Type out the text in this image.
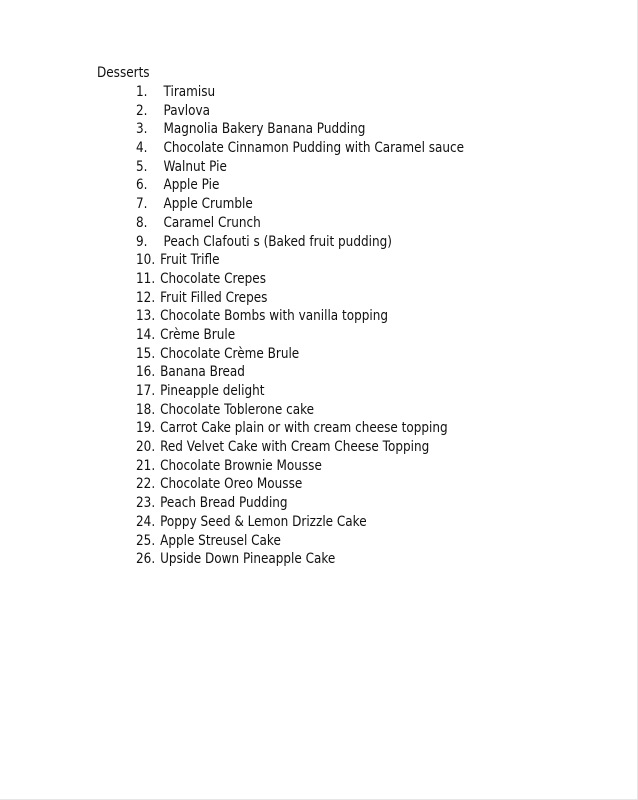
Desserts
1. Tiramisu
2. Pavlova
3. Magnolia Bakery Banana Pudding
4. Chocolate Cinnamon Pudding with Caramel sauce
5. Walnut Pie
6. Apple Pie
7. Apple Crumble
8. Caramel Crunch
9. Peach Clafouti s (Baked fruit pudding)
10. Fruit Trifle
11. Chocolate Crepes
12. Fruit Filled Crepes
13. Chocolate Bombs with vanilla topping
14. Crème Brule
15. Chocolate Crème Brule
16. Banana Bread
17. Pineapple delight
18. Chocolate Toblerone cake
19. Carrot Cake plain or with cream cheese topping
20. Red Velvet Cake with Cream Cheese Topping
21. Chocolate Brownie Mousse
22. Chocolate Oreo Mousse
23. Peach Bread Pudding
24. Poppy Seed & Lemon Drizzle Cake
25. Apple Streusel Cake
26. Upside Down Pineapple Cake
